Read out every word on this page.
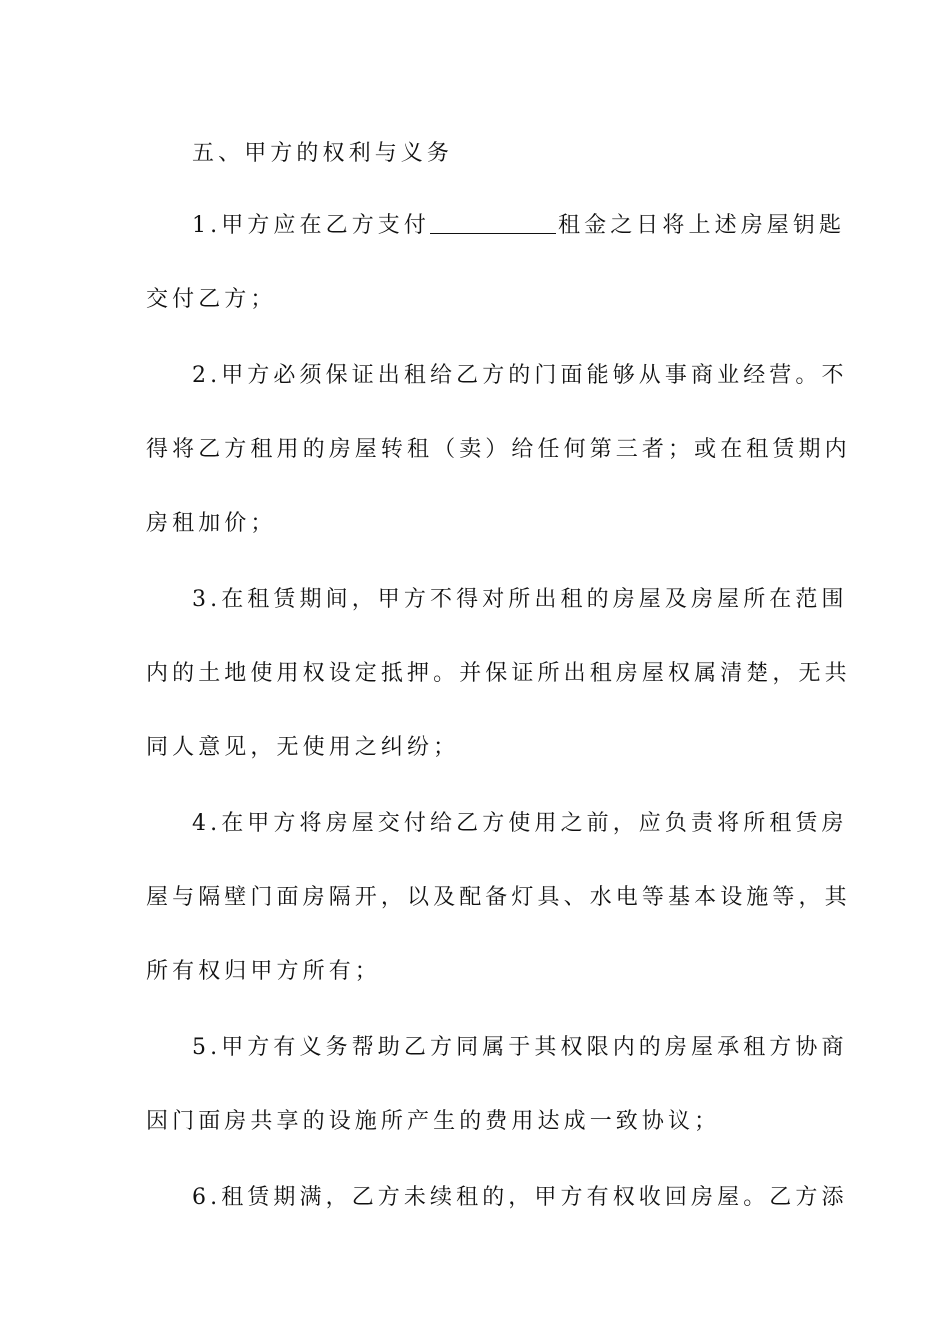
五、甲方的权利与义务
1.甲方应在乙方支付	租金之日将上述房屋钥匙
交付乙方；
2.甲方必须保证出租给乙方的门面能够从事商业经营。不
得将乙方租用的房屋转租（卖）给任何第三者；或在租赁期内
房租加价；
3.在租赁期间，甲方不得对所出租的房屋及房屋所在范围
内的土地使用权设定抵押。并保证所出租房屋权属清楚，无共
同人意见，无使用之纠纷；
4.在甲方将房屋交付给乙方使用之前，应负责将所租赁房
屋与隔壁门面房隔开，以及配备灯具、水电等基本设施等，其
所有权归甲方所有；
5.甲方有义务帮助乙方同属于其权限内的房屋承租方协商
因门面房共享的设施所产生的费用达成一致协议；
6.租赁期满，乙方未续租的，甲方有权收回房屋。乙方添
